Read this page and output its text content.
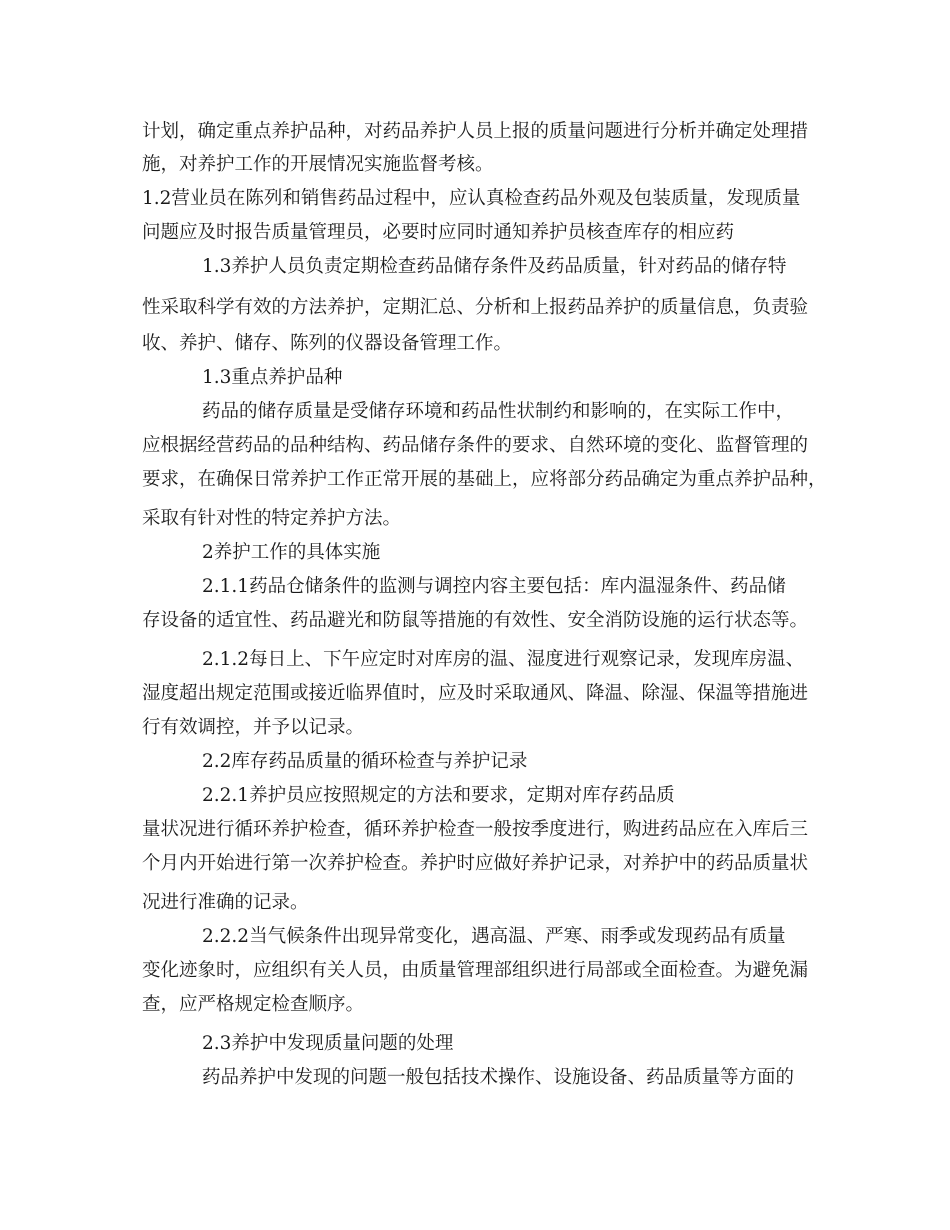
计划，确定重点养护品种，对药品养护人员上报的质量问题进行分析并确定处理措
施，对养护工作的开展情况实施监督考核。
1.2营业员在陈列和销售药品过程中，应认真检查药品外观及包装质量，发现质量
问题应及时报告质量管理员，必要时应同时通知养护员核查库存的相应药
1.3养护人员负责定期检查药品储存条件及药品质量，针对药品的储存特
性采取科学有效的方法养护，定期汇总、分析和上报药品养护的质量信息，负责验
收、养护、储存、陈列的仪器设备管理工作。
1.3重点养护品种
药品的储存质量是受储存环境和药品性状制约和影响的，在实际工作中，
应根据经营药品的品种结构、药品储存条件的要求、自然环境的变化、监督管理的
要求，在确保日常养护工作正常开展的基础上，应将部分药品确定为重点养护品种，
采取有针对性的特定养护方法。
2养护工作的具体实施
2.1.1药品仓储条件的监测与调控内容主要包括：库内温湿条件、药品储
存设备的适宜性、药品避光和防鼠等措施的有效性、安全消防设施的运行状态等。
2.1.2每日上、下午应定时对库房的温、湿度进行观察记录，发现库房温、
湿度超出规定范围或接近临界值时，应及时采取通风、降温、除湿、保温等措施进
行有效调控，并予以记录。
2.2库存药品质量的循环检查与养护记录
2.2.1养护员应按照规定的方法和要求，定期对库存药品质
量状况进行循环养护检查，循环养护检查一般按季度进行，购进药品应在入库后三
个月内开始进行第一次养护检查。养护时应做好养护记录，对养护中的药品质量状
况进行准确的记录。
2.2.2当气候条件出现异常变化，遇高温、严寒、雨季或发现药品有质量
变化迹象时，应组织有关人员，由质量管理部组织进行局部或全面检查。为避免漏
查，应严格规定检查顺序。
2.3养护中发现质量问题的处理
药品养护中发现的问题一般包括技术操作、设施设备、药品质量等方面的
